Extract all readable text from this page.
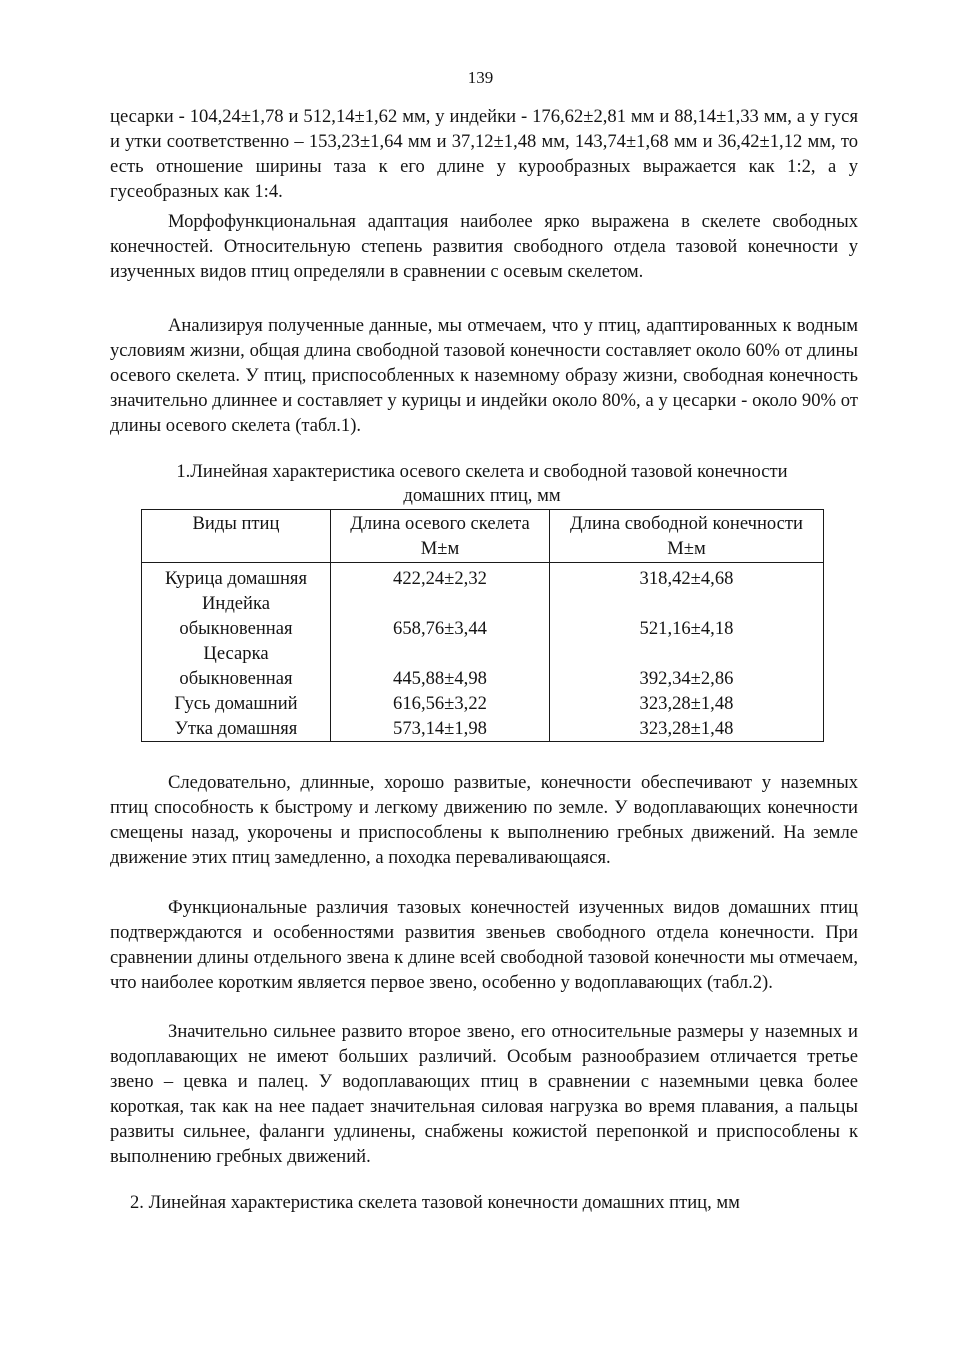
139

цесарки - 104,24±1,78 и 512,14±1,62 мм, у индейки - 176,62±2,81 мм и 88,14±1,33 мм, а у гуся и утки соответственно – 153,23±1,64 мм и 37,12±1,48 мм, 143,74±1,68 мм и 36,42±1,12 мм, то есть отношение ширины таза к его длине у курообразных выражается как 1:2, а у гусеобразных как 1:4.

Морфофункциональная адаптация наиболее ярко выражена в скелете свободных конечностей. Относительную степень развития свободного отдела тазовой конечности у изученных видов птиц определяли в сравнении с осевым скелетом.

Анализируя полученные данные, мы отмечаем, что у птиц, адаптированных к водным условиям жизни, общая длина свободной тазовой конечности составляет около 60% от длины осевого скелета. У птиц, приспособленных к наземному образу жизни, свободная конечность значительно длиннее и составляет у курицы и индейки около 80%, а у цесарки - около 90% от длины осевого скелета (табл.1).

1.Линейная характеристика осевого скелета и свободной тазовой конечности домашних птиц, мм
Виды птиц	Длина осевого скелета М±м	Длина свободной конечности М±м
Курица домашняя	422,24±2,32	318,42±4,68
Индейка обыкновенная	658,76±3,44	521,16±4,18
Цесарка обыкновенная	445,88±4,98	392,34±2,86
Гусь домашний	616,56±3,22	323,28±1,48
Утка домашняя	573,14±1,98	323,28±1,48

Следовательно, длинные, хорошо развитые, конечности обеспечивают у наземных птиц способность к быстрому и легкому движению по земле. У водоплавающих конечности смещены назад, укорочены и приспособлены к выполнению гребных движений. На земле движение этих птиц замедленно, а походка переваливающаяся.

Функциональные различия тазовых конечностей изученных видов домашних птиц подтверждаются и особенностями развития звеньев свободного отдела конечности. При сравнении длины отдельного звена к длине всей свободной тазовой конечности мы отмечаем, что наиболее коротким является первое звено, особенно у водоплавающих (табл.2).

Значительно сильнее развито второе звено, его относительные размеры у наземных и водоплавающих не имеют больших различий. Особым разнообразием отличается третье звено – цевка и палец. У водоплавающих птиц в сравнении с наземными цевка более короткая, так как на нее падает значительная силовая нагрузка во время плавания, а пальцы развиты сильнее, фаланги удлинены, снабжены кожистой перепонкой и приспособлены к выполнению гребных движений.

2. Линейная характеристика скелета тазовой конечности домашних птиц, мм
